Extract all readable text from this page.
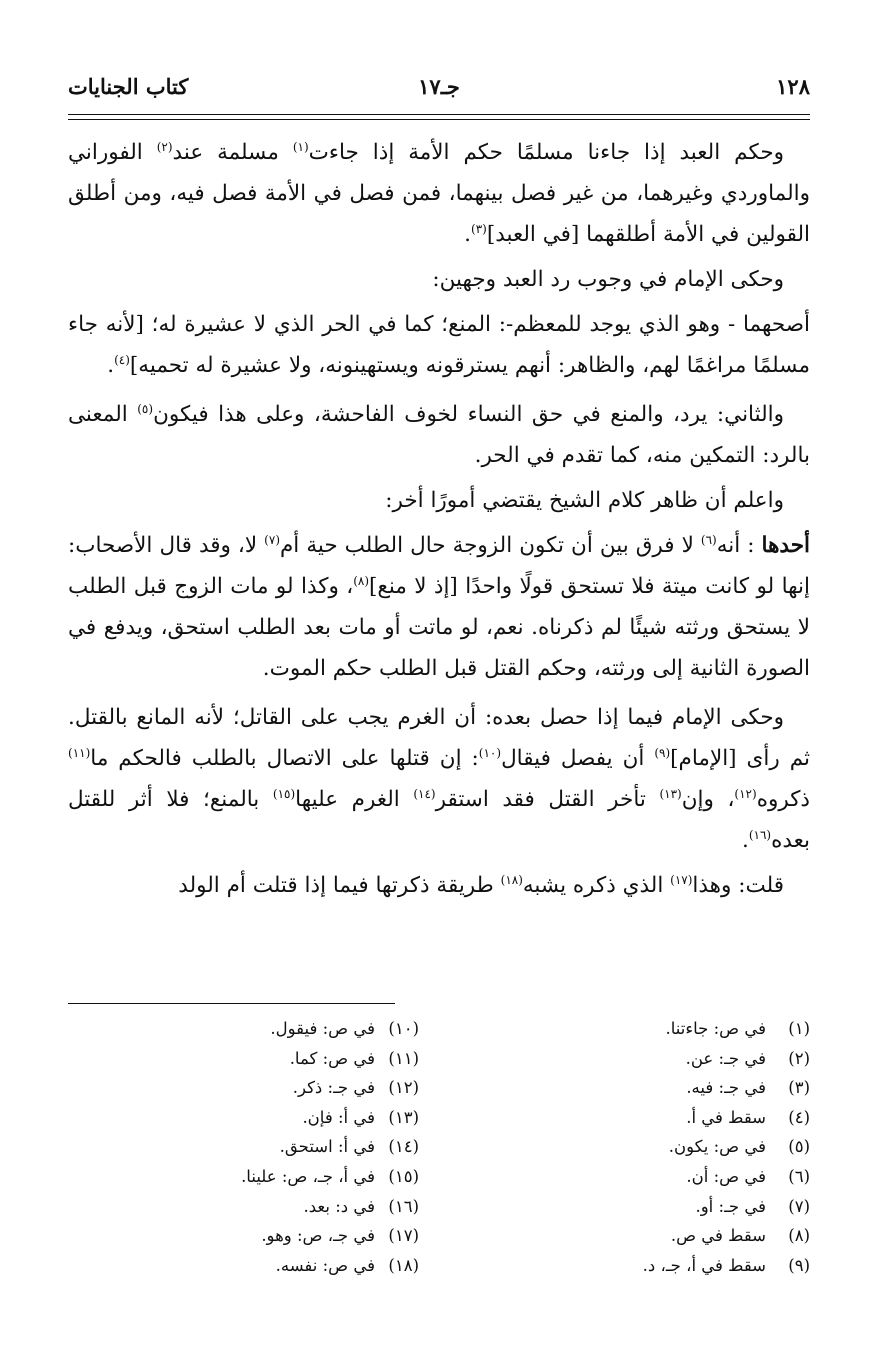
١٢٨
جـ١٧
كتاب الجنايات

وحكم العبد إذا جاءنا مسلمًا حكم الأمة إذا جاءت$^{(١)}$ مسلمة عند$^{(٢)}$ الفوراني والماوردي وغيرهما، من غير فصل بينهما، فمن فصل في الأمة فصل فيه، ومن أطلق القولين في الأمة أطلقهما [في العبد]$^{(٣)}$.

وحكى الإمام في وجوب رد العبد وجهين:

أصحهما - وهو الذي يوجد للمعظم-: المنع؛ كما في الحر الذي لا عشيرة له؛ [لأنه جاء مسلمًا مراغمًا لهم، والظاهر: أنهم يسترقونه ويستهينونه، ولا عشيرة له تحميه]$^{(٤)}$.

والثاني: يرد، والمنع في حق النساء لخوف الفاحشة، وعلى هذا فيكون$^{(٥)}$ المعنى بالرد: التمكين منه، كما تقدم في الحر.

واعلم أن ظاهر كلام الشيخ يقتضي أمورًا أخر:

أحدها : أنه$^{(٦)}$ لا فرق بين أن تكون الزوجة حال الطلب حية أم$^{(٧)}$ لا، وقد قال الأصحاب: إنها لو كانت ميتة فلا تستحق قولًا واحدًا [إذ لا منع]$^{(٨)}$، وكذا لو مات الزوج قبل الطلب لا يستحق ورثته شيئًا لم ذكرناه. نعم، لو ماتت أو مات بعد الطلب استحق، ويدفع في الصورة الثانية إلى ورثته، وحكم القتل قبل الطلب حكم الموت.

وحكى الإمام فيما إذا حصل بعده: أن الغرم يجب على القاتل؛ لأنه المانع بالقتل. ثم رأى [الإمام]$^{(٩)}$ أن يفصل فيقال$^{(١٠)}$: إن قتلها على الاتصال بالطلب فالحكم ما$^{(١١)}$ ذكروه$^{(١٢)}$، وإن$^{(١٣)}$ تأخر القتل فقد استقر$^{(١٤)}$ الغرم عليها$^{(١٥)}$ بالمنع؛ فلا أثر للقتل بعده$^{(١٦)}$.

قلت: وهذا$^{(١٧)}$ الذي ذكره يشبه$^{(١٨)}$ طريقة ذكرتها فيما إذا قتلت أم الولد

(١)في ص: جاءتنا.
(٢)في جـ: عن.
(٣)في جـ: فيه.
(٤)سقط في أ.
(٥)في ص: يكون.
(٦)في ص: أن.
(٧)في جـ: أو.
(٨)سقط في ص.
(٩)سقط في أ، جـ، د.
(١٠)في ص: فيقول.
(١١)في ص: كما.
(١٢)في جـ: ذكر.
(١٣)في أ: فإن.
(١٤)في أ: استحق.
(١٥)في أ، جـ، ص: علينا.
(١٦)في د: بعد.
(١٧)في جـ، ص: وهو.
(١٨)في ص: نفسه.
